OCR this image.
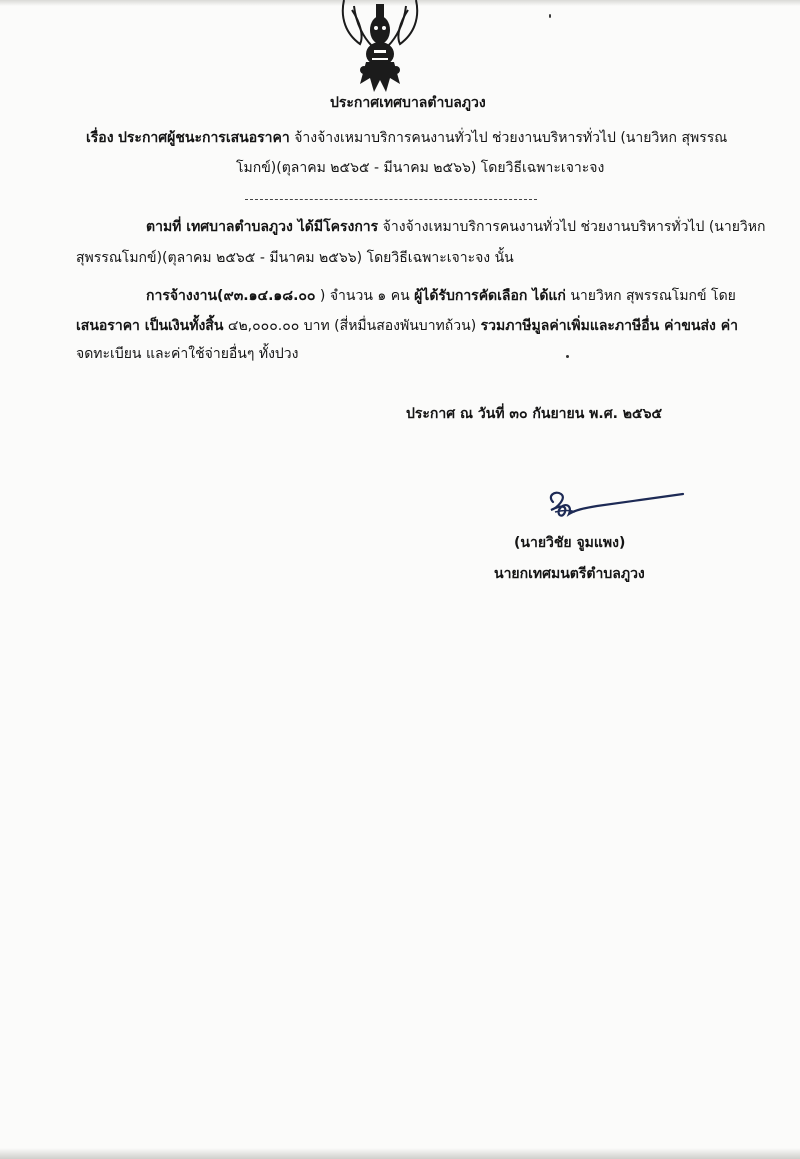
ประกาศเทศบาลตำบลภูวง
เรื่อง ประกาศผู้ชนะการเสนอราคา จ้างจ้างเหมาบริการคนงานทั่วไป ช่วยงานบริหารทั่วไป (นายวิหก สุพรรณ
โมกข์)(ตุลาคม ๒๕๖๕ - มีนาคม ๒๕๖๖) โดยวิธีเฉพาะเจาะจง
ตามที่ เทศบาลตำบลภูวง ได้มีโครงการ จ้างจ้างเหมาบริการคนงานทั่วไป ช่วยงานบริหารทั่วไป (นายวิหก
สุพรรณโมกข์)(ตุลาคม ๒๕๖๕ - มีนาคม ๒๕๖๖) โดยวิธีเฉพาะเจาะจง นั้น
การจ้างงาน(๙๓.๑๔.๑๘.๐๐ ) จำนวน ๑ คน ผู้ได้รับการคัดเลือก ได้แก่ นายวิหก สุพรรณโมกข์ โดย
เสนอราคา เป็นเงินทั้งสิ้น ๔๒,๐๐๐.๐๐ บาท (สี่หมื่นสองพันบาทถ้วน) รวมภาษีมูลค่าเพิ่มและภาษีอื่น ค่าขนส่ง ค่า
จดทะเบียน และค่าใช้จ่ายอื่นๆ ทั้งปวง
ประกาศ ณ วันที่ ๓๐ กันยายน พ.ศ. ๒๕๖๕
(นายวิชัย จูมแพง)
นายกเทศมนตรีตำบลภูวง
